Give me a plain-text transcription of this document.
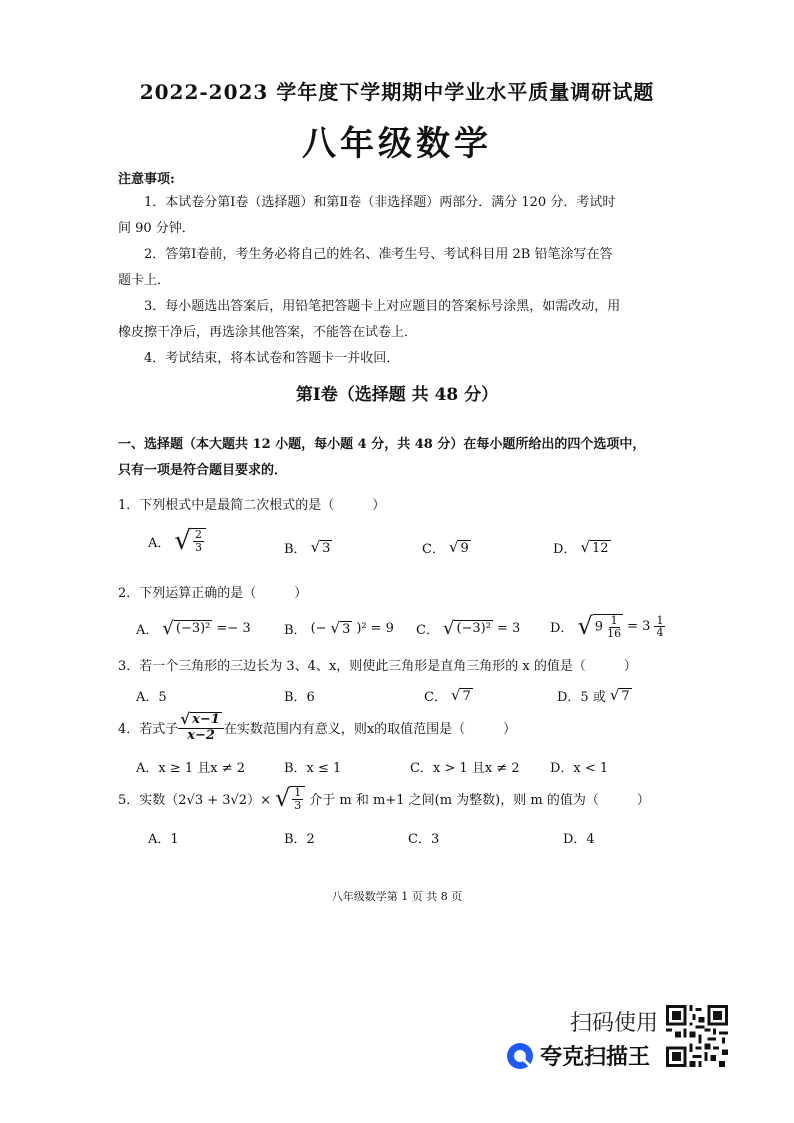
2022-2023 学年度下学期期中学业水平质量调研试题
八年级数学
注意事项:
1．本试卷分第Ⅰ卷（选择题）和第Ⅱ卷（非选择题）两部分．满分 120 分．考试时
间 90 分钟．
2．答第Ⅰ卷前，考生务必将自己的姓名、准考生号、考试科目用 2B 铅笔涂写在答
题卡上．
3．每小题选出答案后，用铅笔把答题卡上对应题目的答案标号涂黑，如需改动，用
橡皮擦干净后，再选涂其他答案，不能答在试卷上．
4．考试结束，将本试卷和答题卡一并收回．
第Ⅰ卷（选择题 共 48 分）
一、选择题（本大题共 12 小题，每小题 4 分，共 48 分）在每小题所给出的四个选项中，
只有一项是符合题目要求的．
1．下列根式中是最简二次根式的是（	）
A． √ $\frac{2}{3}$	B． √ 3	C． √ 9	D． √ 12
2．下列运算正确的是（	）
A． √ (−3)² =− 3	B． (− √ 3 )² = 9 C． √ (−3)² = 3 D． √ $9 \frac{1}{16} = 3 \frac{1}{4}$
3．若一个三角形的三边长为 3、4、x，则使此三角形是直角三角形的 x 的值是（	）
A．5	B．6	C． √ 7	D．5 或 √ 7
4．若式子 $\frac{√ x-1}{x-2}$ 在实数范围内有意义，则x的取值范围是（	）
A．x ≥ 1 且x ≠ 2	B．x ≤ 1	C．x > 1 且x ≠ 2 D．x < 1
5．实数（2√3 + 3√2）× √ $\frac{1}{3}$ 介于 m 和 m+1 之间(m 为整数)，则 m 的值为（	）
A．1	B．2	C．3	D．4
八年级数学第 1 页 共 8 页
扫码使用
夸克扫描王
